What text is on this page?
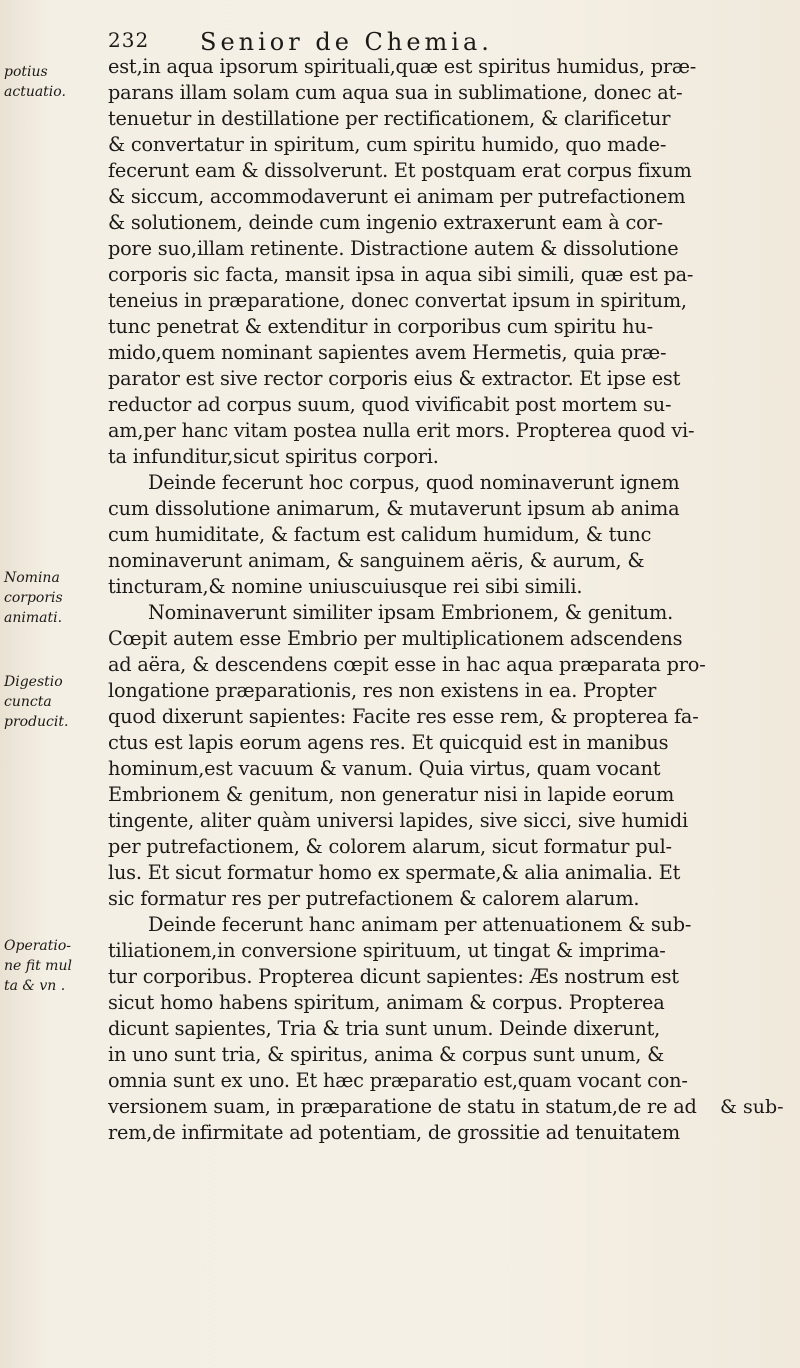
232 Senior de Chemia.
potius
actuatio.
Nomina
corporis
animati.
Digestio
cuncta
producit.
Operatio-
ne fit mul
ta & vn .
est,in aqua ipsorum spirituali,quæ est spiritus humidus, præ-
parans illam solam cum aqua sua in sublimatione, donec at-
tenuetur in destillatione per rectificationem, & clarificetur
& convertatur in spiritum, cum spiritu humido, quo made-
fecerunt eam & dissolverunt. Et postquam erat corpus fixum
& siccum, accommodaverunt ei animam per putrefactionem
& solutionem, deinde cum ingenio extraxerunt eam à cor-
pore suo,illam retinente. Distractione autem & dissolutione
corporis sic facta, mansit ipsa in aqua sibi simili, quæ est pa-
teneius in præparatione, donec convertat ipsum in spiritum,
tunc penetrat & extenditur in corporibus cum spiritu hu-
mido,quem nominant sapientes avem Hermetis, quia præ-
parator est sive rector corporis eius & extractor. Et ipse est
reductor ad corpus suum, quod vivificabit post mortem su-
am,per hanc vitam postea nulla erit mors. Propterea quod vi-
ta infunditur,sicut spiritus corpori.
Deinde fecerunt hoc corpus, quod nominaverunt ignem
cum dissolutione animarum, & mutaverunt ipsum ab anima
cum humiditate, & factum est calidum humidum, & tunc
nominaverunt animam, & sanguinem aëris, & aurum, &
tincturam,& nomine uniuscuiusque rei sibi simili.
Nominaverunt similiter ipsam Embrionem, & genitum.
Cœpit autem esse Embrio per multiplicationem adscendens
ad aëra, & descendens cœpit esse in hac aqua præparata pro-
longatione præparationis, res non existens in ea. Propter
quod dixerunt sapientes: Facite res esse rem, & propterea fa-
ctus est lapis eorum agens res. Et quicquid est in manibus
hominum,est vacuum & vanum. Quia virtus, quam vocant
Embrionem & genitum, non generatur nisi in lapide eorum
tingente, aliter quàm universi lapides, sive sicci, sive humidi
per putrefactionem, & colorem alarum, sicut formatur pul-
lus. Et sicut formatur homo ex spermate,& alia animalia. Et
sic formatur res per putrefactionem & calorem alarum.
Deinde fecerunt hanc animam per attenuationem & sub-
tiliationem,in conversione spirituum, ut tingat & imprima-
tur corporibus. Propterea dicunt sapientes: Æs nostrum est
sicut homo habens spiritum, animam & corpus. Propterea
dicunt sapientes, Tria & tria sunt unum. Deinde dixerunt,
in uno sunt tria, & spiritus, anima & corpus sunt unum, &
omnia sunt ex uno. Et hæc præparatio est,quam vocant con-
versionem suam, in præparatione de statu in statum,de re ad
rem,de infirmitate ad potentiam, de grossitie ad tenuitatem
& sub-
